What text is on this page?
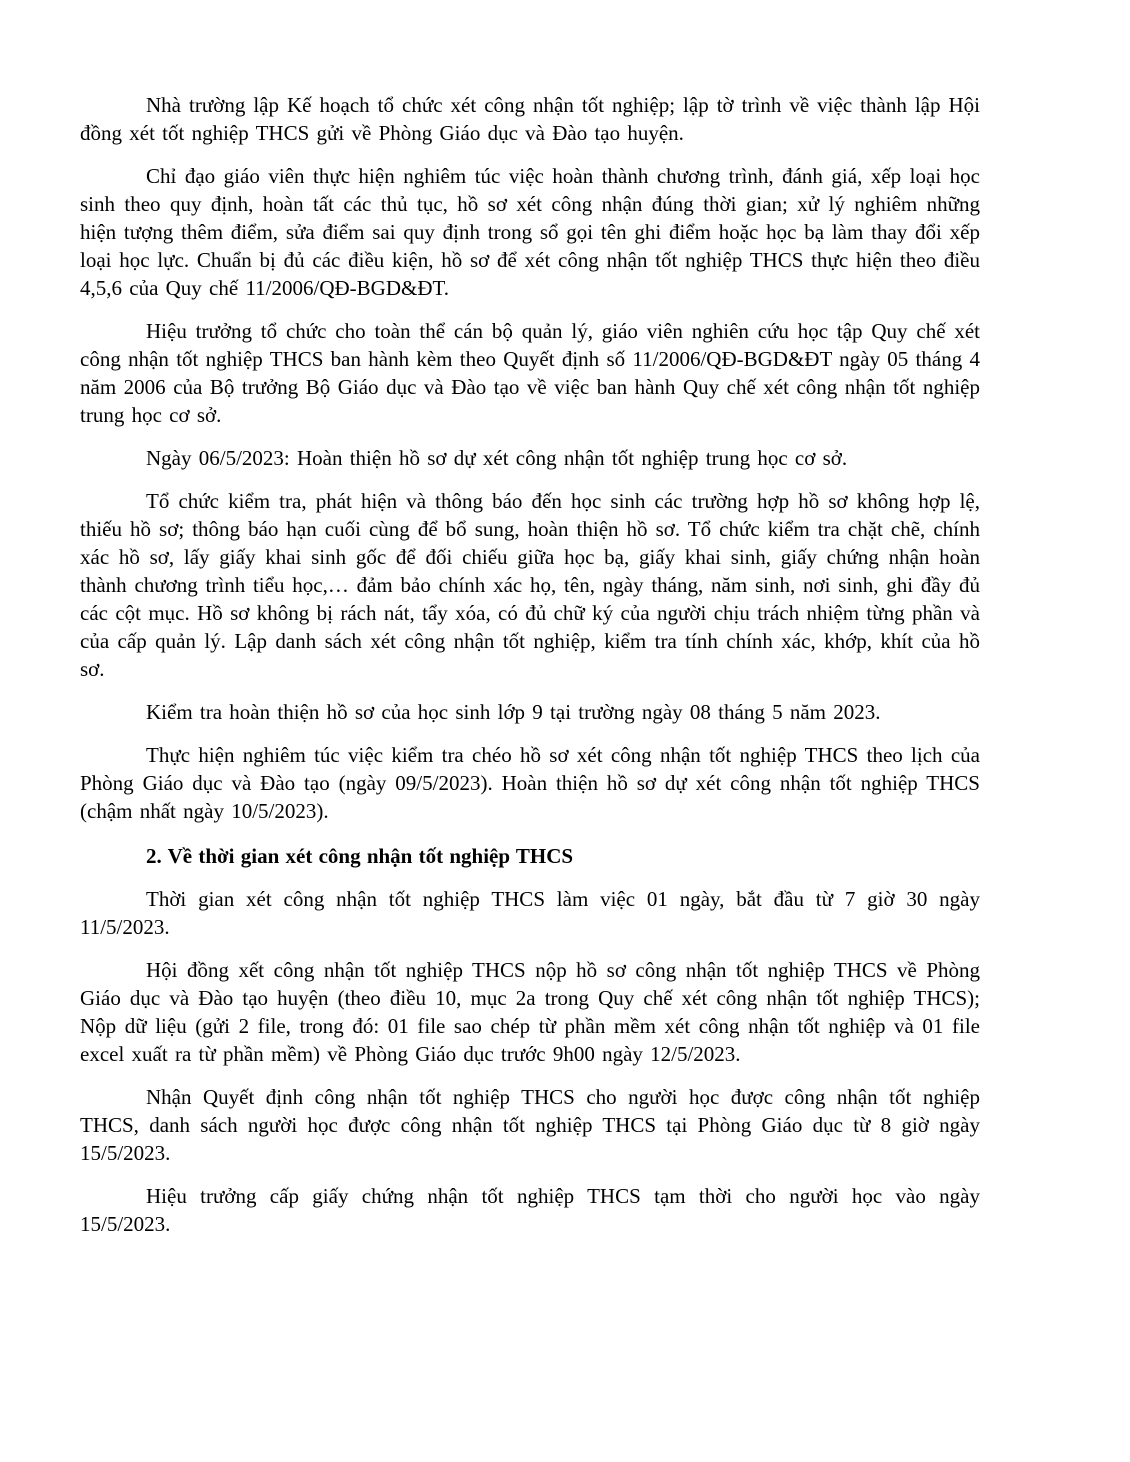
Nhà trường lập Kế hoạch tổ chức xét công nhận tốt nghiệp; lập tờ trình về việc thành lập Hội đồng xét tốt nghiệp THCS gửi về Phòng Giáo dục và Đào tạo huyện.

Chỉ đạo giáo viên thực hiện nghiêm túc việc hoàn thành chương trình, đánh giá, xếp loại học sinh theo quy định, hoàn tất các thủ tục, hồ sơ xét công nhận đúng thời gian; xử lý nghiêm những hiện tượng thêm điểm, sửa điểm sai quy định trong sổ gọi tên ghi điểm hoặc học bạ làm thay đổi xếp loại học lực. Chuẩn bị đủ các điều kiện, hồ sơ để xét công nhận tốt nghiệp THCS thực hiện theo điều 4,5,6 của Quy chế 11/2006/QĐ-BGD&ĐT.

Hiệu trưởng tổ chức cho toàn thể cán bộ quản lý, giáo viên nghiên cứu học tập Quy chế xét công nhận tốt nghiệp THCS ban hành kèm theo Quyết định số 11/2006/QĐ-BGD&ĐT ngày 05 tháng 4 năm 2006 của Bộ trưởng Bộ Giáo dục và Đào tạo về việc ban hành Quy chế xét công nhận tốt nghiệp trung học cơ sở.

Ngày 06/5/2023: Hoàn thiện hồ sơ dự xét công nhận tốt nghiệp trung học cơ sở.

Tổ chức kiểm tra, phát hiện và thông báo đến học sinh các trường hợp hồ sơ không hợp lệ, thiếu hồ sơ; thông báo hạn cuối cùng để bổ sung, hoàn thiện hồ sơ. Tổ chức kiểm tra chặt chẽ, chính xác hồ sơ, lấy giấy khai sinh gốc để đối chiếu giữa học bạ, giấy khai sinh, giấy chứng nhận hoàn thành chương trình tiểu học,… đảm bảo chính xác họ, tên, ngày tháng, năm sinh, nơi sinh, ghi đầy đủ các cột mục. Hồ sơ không bị rách nát, tẩy xóa, có đủ chữ ký của người chịu trách nhiệm từng phần và của cấp quản lý. Lập danh sách xét công nhận tốt nghiệp, kiểm tra tính chính xác, khớp, khít của hồ sơ.

Kiểm tra hoàn thiện hồ sơ của học sinh lớp 9 tại trường ngày 08 tháng 5 năm 2023.

Thực hiện nghiêm túc việc kiểm tra chéo hồ sơ xét công nhận tốt nghiệp THCS theo lịch của Phòng Giáo dục và Đào tạo (ngày 09/5/2023). Hoàn thiện hồ sơ dự xét công nhận tốt nghiệp THCS (chậm nhất ngày 10/5/2023).

2. Về thời gian xét công nhận tốt nghiệp THCS

Thời gian xét công nhận tốt nghiệp THCS làm việc 01 ngày, bắt đầu từ 7 giờ 30 ngày 11/5/2023.

Hội đồng xết công nhận tốt nghiệp THCS nộp hồ sơ công nhận tốt nghiệp THCS về Phòng Giáo dục và Đào tạo huyện (theo điều 10, mục 2a trong Quy chế xét công nhận tốt nghiệp THCS); Nộp dữ liệu (gửi 2 file, trong đó: 01 file sao chép từ phần mềm xét công nhận tốt nghiệp và 01 file excel xuất ra từ phần mềm) về Phòng Giáo dục trước 9h00 ngày 12/5/2023.

Nhận Quyết định công nhận tốt nghiệp THCS cho người học được công nhận tốt nghiệp THCS, danh sách người học được công nhận tốt nghiệp THCS tại Phòng Giáo dục từ 8 giờ ngày 15/5/2023.

Hiệu trưởng cấp giấy chứng nhận tốt nghiệp THCS tạm thời cho người học vào ngày 15/5/2023.
